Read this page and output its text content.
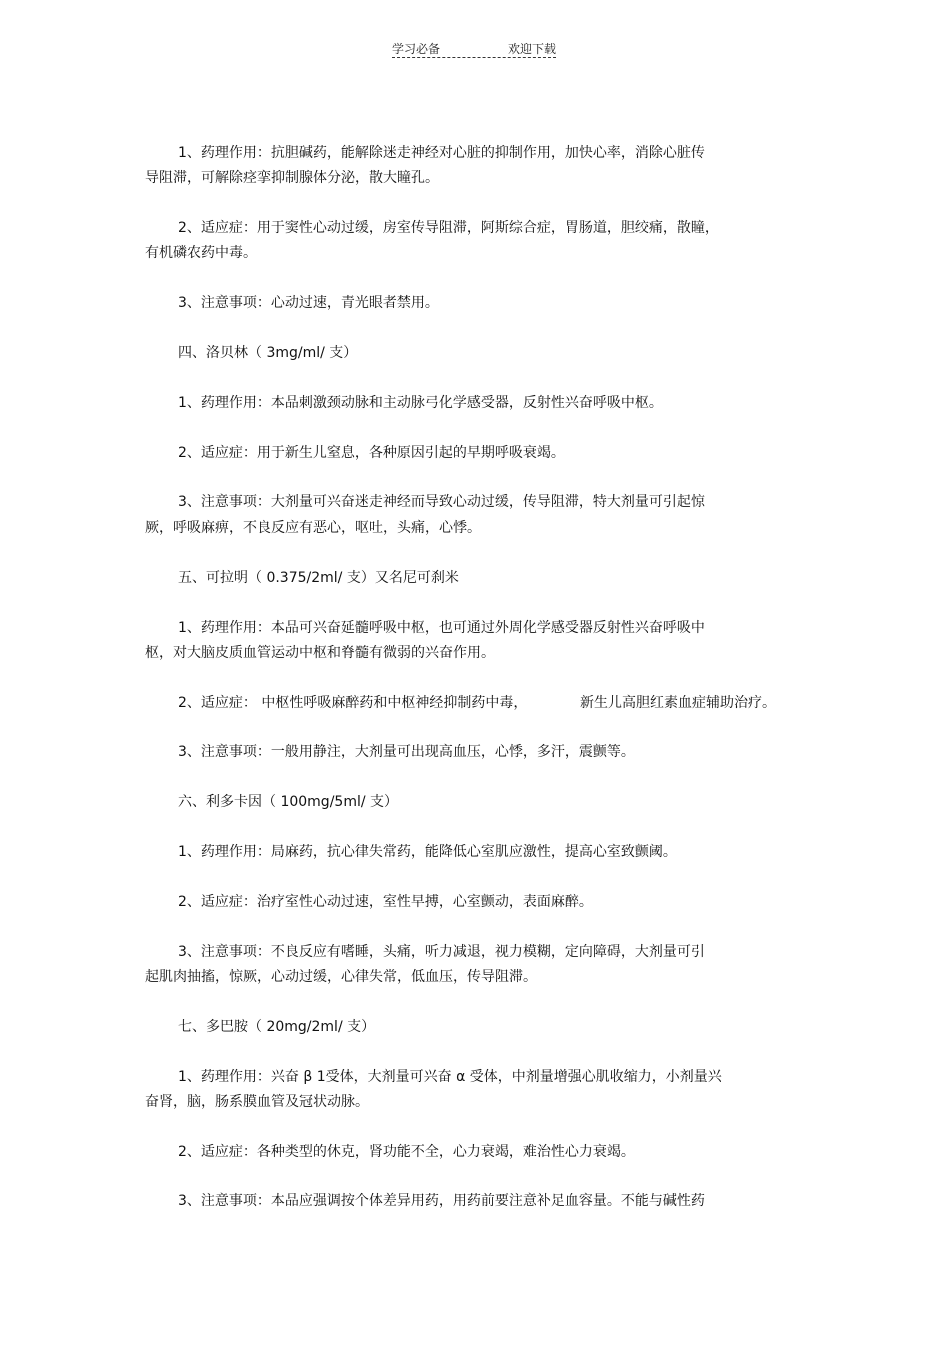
学习必备	欢迎下载
1、药理作用：抗胆碱药，能解除迷走神经对心脏的抑制作用，加快心率，消除心脏传
导阻滞，可解除痉挛抑制腺体分泌，散大瞳孔。
2、适应症：用于窦性心动过缓，房室传导阻滞，阿斯综合症，胃肠道，胆绞痛，散瞳，
有机磷农药中毒。
3、注意事项：心动过速，青光眼者禁用。
四、洛贝林（ 3mg/ml/ 支）
1、药理作用：本品刺激颈动脉和主动脉弓化学感受器，反射性兴奋呼吸中枢。
2、适应症：用于新生儿窒息，各种原因引起的早期呼吸衰竭。
3、注意事项：大剂量可兴奋迷走神经而导致心动过缓，传导阻滞，特大剂量可引起惊
厥，呼吸麻痹，不良反应有恶心，呕吐，头痛，心悸。
五、可拉明（ 0.375/2ml/ 支）又名尼可刹米
1、药理作用：本品可兴奋延髓呼吸中枢，也可通过外周化学感受器反射性兴奋呼吸中
枢，对大脑皮质血管运动中枢和脊髓有微弱的兴奋作用。
2、适应症： 中枢性呼吸麻醉药和中枢神经抑制药中毒，	新生儿高胆红素血症辅助治疗。
3、注意事项：一般用静注，大剂量可出现高血压，心悸，多汗，震颤等。
六、利多卡因（ 100mg/5ml/ 支）
1、药理作用：局麻药，抗心律失常药，能降低心室肌应激性，提高心室致颤阈。
2、适应症：治疗室性心动过速，室性早搏，心室颤动，表面麻醉。
3、注意事项：不良反应有嗜睡，头痛，听力减退，视力模糊，定向障碍，大剂量可引
起肌肉抽搐，惊厥，心动过缓，心律失常，低血压，传导阻滞。
七、多巴胺（ 20mg/2ml/ 支）
1、药理作用：兴奋 β 1受体，大剂量可兴奋 α 受体，中剂量增强心肌收缩力，小剂量兴
奋肾，脑，肠系膜血管及冠状动脉。
2、适应症：各种类型的休克，肾功能不全，心力衰竭，难治性心力衰竭。
3、注意事项：本品应强调按个体差异用药，用药前要注意补足血容量。不能与碱性药
